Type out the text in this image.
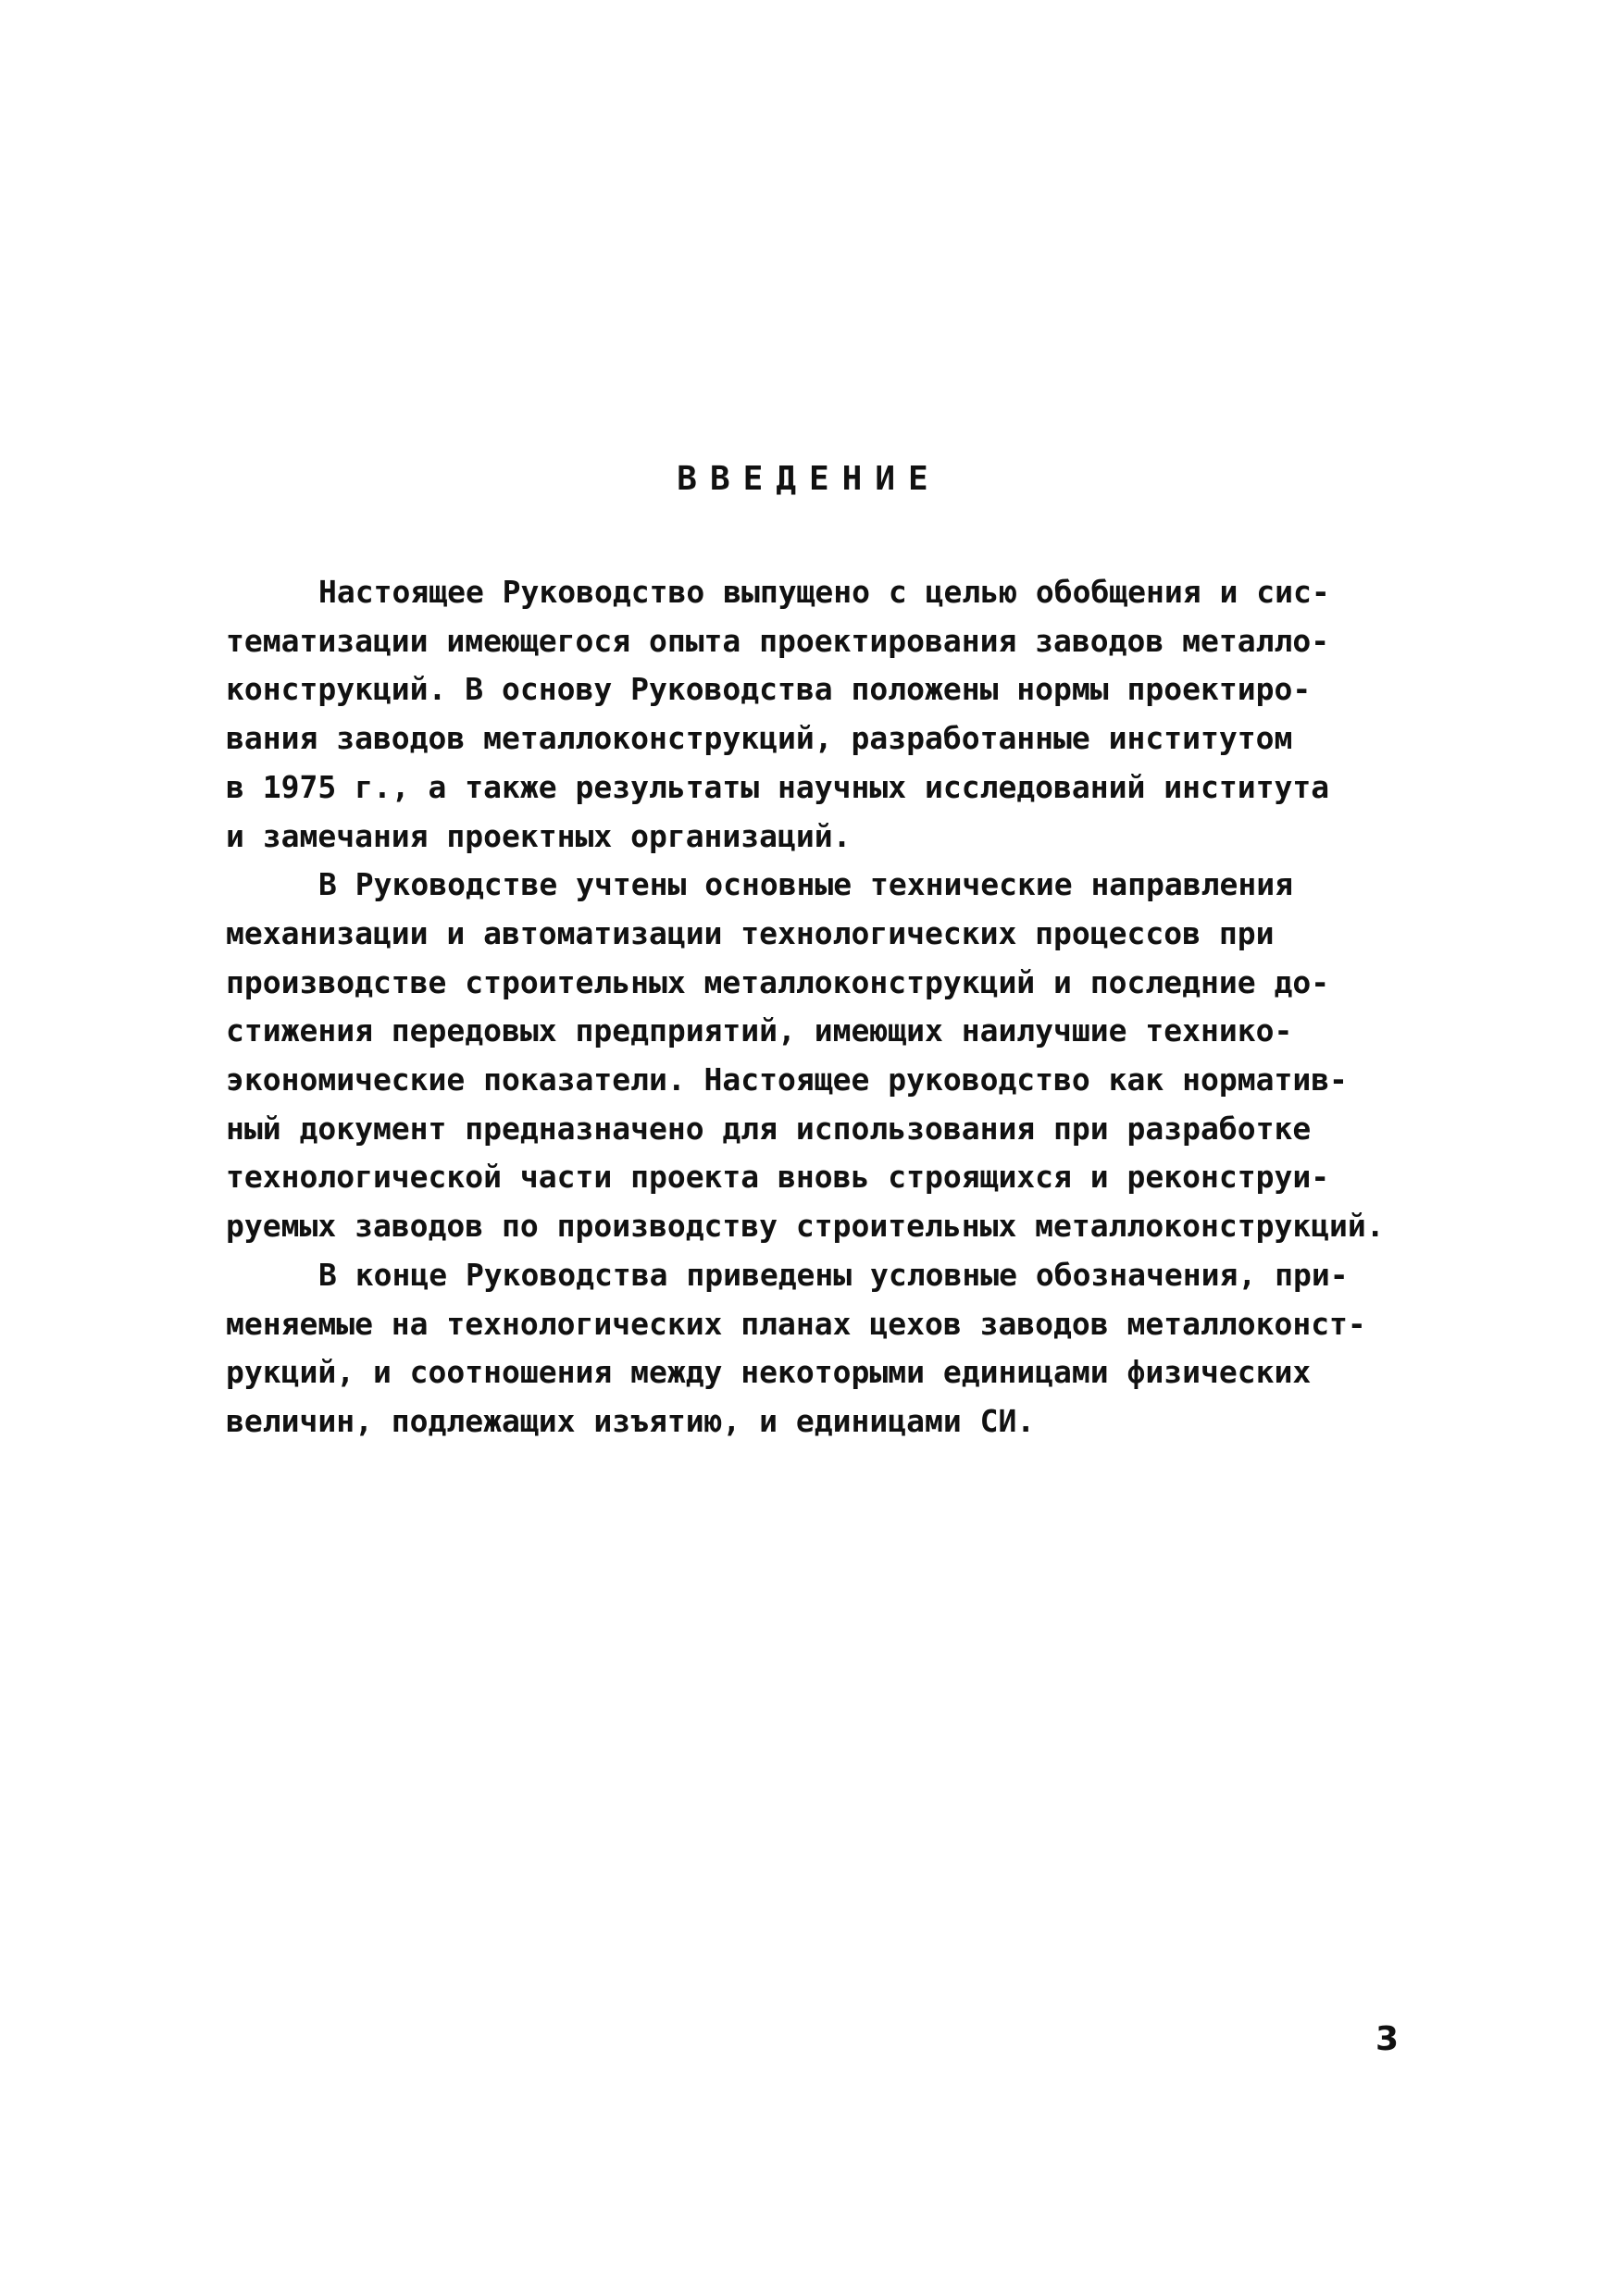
ВВЕДЕНИЕ
Настоящее Руководство выпущено с целью обобщения и сис-
тематизации имеющегося опыта проектирования заводов металло-
конструкций. В основу Руководства положены нормы проектиро-
вания заводов металлоконструкций, разработанные институтом
в 1975 г., а также результаты научных исследований института
и замечания проектных организаций.
В Руководстве учтены основные технические направления
механизации и автоматизации технологических процессов при
производстве строительных металлоконструкций и последние до-
стижения передовых предприятий, имеющих наилучшие технико-
экономические показатели. Настоящее руководство как норматив-
ный документ предназначено для использования при разработке
технологической части проекта вновь строящихся и реконструи-
руемых заводов по производству строительных металлоконструкций.
В конце Руководства приведены условные обозначения, при-
меняемые на технологических планах цехов заводов металлоконст-
рукций, и соотношения между некоторыми единицами физических
величин, подлежащих изъятию, и единицами СИ.
3
